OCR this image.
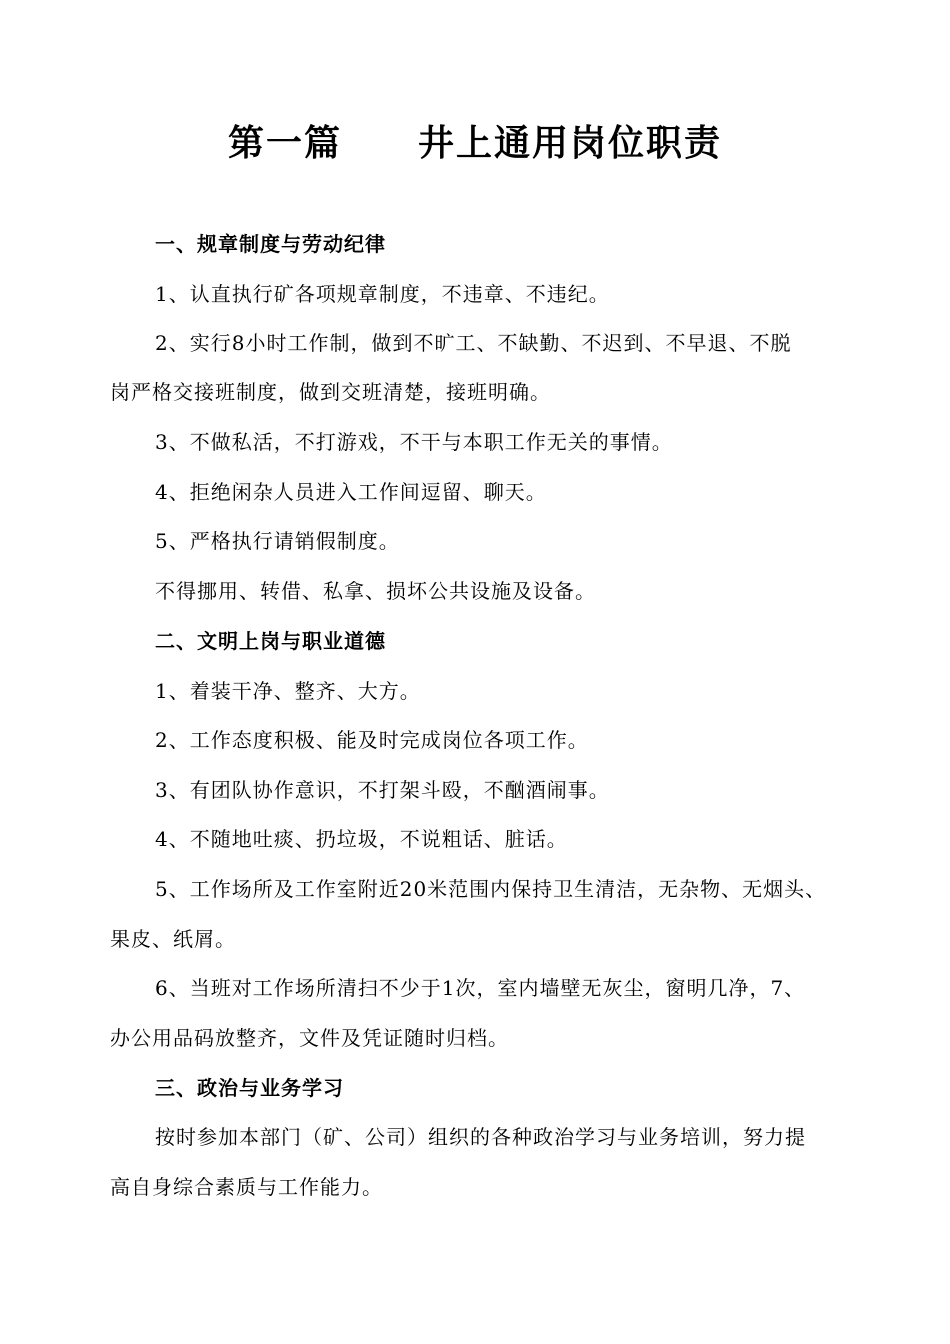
第一篇　　井上通用岗位职责
一、规章制度与劳动纪律
1、认直执行矿各项规章制度，不违章、不违纪。
2、实行8小时工作制，做到不旷工、不缺勤、不迟到、不早退、不脱
岗严格交接班制度，做到交班清楚，接班明确。
3、不做私活，不打游戏，不干与本职工作无关的事情。
4、拒绝闲杂人员进入工作间逗留、聊天。
5、严格执行请销假制度。
不得挪用、转借、私拿、损坏公共设施及设备。
二、文明上岗与职业道德
1、着装干净、整齐、大方。
2、工作态度积极、能及时完成岗位各项工作。
3、有团队协作意识，不打架斗殴，不酗酒闹事。
4、不随地吐痰、扔垃圾，不说粗话、脏话。
5、工作场所及工作室附近20米范围内保持卫生清洁，无杂物、无烟头、
果皮、纸屑。
6、当班对工作场所清扫不少于1次，室内墙壁无灰尘，窗明几净，7、
办公用品码放整齐，文件及凭证随时归档。
三、政治与业务学习
按时参加本部门（矿、公司）组织的各种政治学习与业务培训，努力提
高自身综合素质与工作能力。
